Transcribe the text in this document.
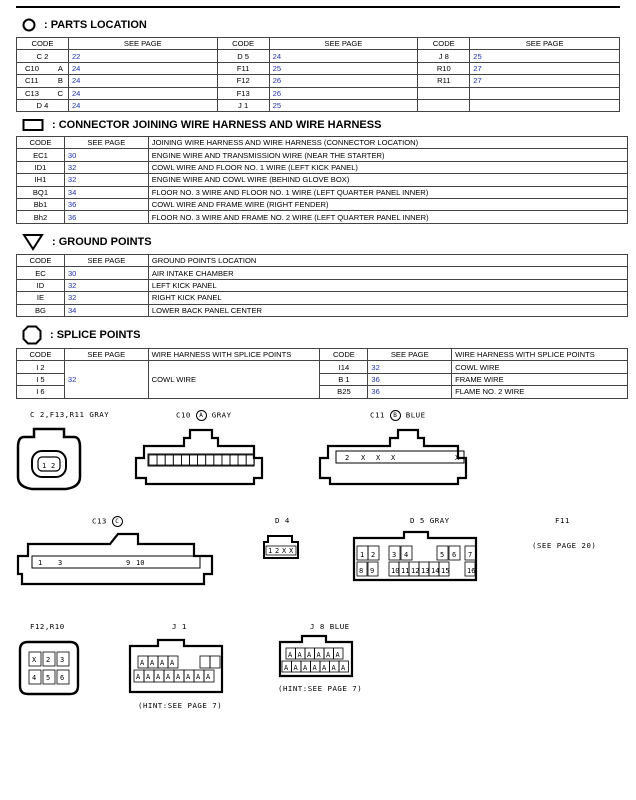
: PARTS LOCATION
CODE	SEE PAGE	CODE	SEE PAGE	CODE	SEE PAGE
C 2	22	D 5	24	J 8	25
C10 A	24	F11	25	R10	27
C11 B	24	F12	26	R11	27
C13 C	24	F13	26		
D 4	24	J 1	25		
: CONNECTOR JOINING WIRE HARNESS AND WIRE HARNESS
CODE	SEE PAGE	JOINING WIRE HARNESS AND WIRE HARNESS (CONNECTOR LOCATION)
EC1	30	ENGINE WIRE AND TRANSMISSION WIRE (NEAR THE STARTER)
ID1	32	COWL WIRE AND FLOOR NO. 1 WIRE (LEFT KICK PANEL)
IH1	32	ENGINE WIRE AND COWL WIRE (BEHIND GLOVE BOX)
BQ1	34	FLOOR NO. 3 WIRE AND FLOOR NO. 1 WIRE (LEFT QUARTER PANEL INNER)
Bb1	36	COWL WIRE AND FRAME WIRE (RIGHT FENDER)
Bh2	36	FLOOR NO. 3 WIRE AND FRAME NO. 2 WIRE (LEFT QUARTER PANEL INNER)
: GROUND POINTS
CODE	SEE PAGE	GROUND POINTS LOCATION
EC	30	AIR INTAKE CHAMBER
ID	32	LEFT KICK PANEL
IE	32	RIGHT KICK PANEL
BG	34	LOWER BACK PANEL CENTER
: SPLICE POINTS
CODE	SEE PAGE	WIRE HARNESS WITH SPLICE POINTS	CODE	SEE PAGE	WIRE HARNESS WITH SPLICE POINTS
I 2	32	COWL WIRE	I14	32	COWL WIRE
I 5			B 1	36	FRAME WIRE
I 6			B25	36	FLAME NO. 2 WIRE
C 2,F13,R11 GRAY
1 2
C10 A GRAY	C11 B BLUE
2 X X X	X
C13 C
1 3	9 10
D 4
1 2 X X
D 5 GRAY
1 2 3 4	5 6 7
8 9 10 11 12 13 14 15	16
F11
(SEE PAGE 20)
F12,R10
X 2 3
4 5 6
J 1
A A A A
A A A A A A A A
(HINT:SEE PAGE 7)
J 8 BLUE
A A A A A A
A A A A A A A
(HINT:SEE PAGE 7)
